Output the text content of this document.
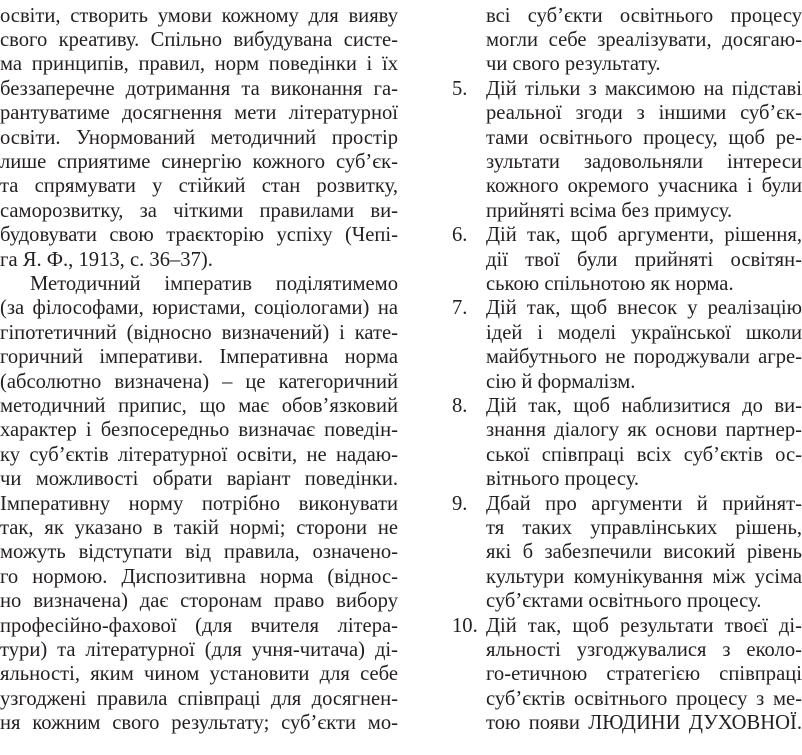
освіти, створить умови кожному для вияву
свого креативу. Спільно вибудувана систе-
ма принципів, правил, норм поведінки і їх
беззаперечне дотримання та виконання га-
рантуватиме досягнення мети літературної
освіти. Унормований методичний простір
лише сприятиме синергію кожного суб’єк-
та спрямувати у стійкий стан розвитку,
саморозвитку, за чіткими правилами ви-
будовувати свою траєкторію успіху (Чепі-
га Я. Ф., 1913, с. 36–37).
Методичний імператив поділятимемо
(за філософами, юристами, соціологами) на
гіпотетичний (відносно визначений) і кате-
горичний імперативи. Імперативна норма
(абсолютно визначена) – це категоричний
методичний припис, що має обов’язковий
характер і безпосередньо визначає поведін-
ку суб’єктів літературної освіти, не надаю-
чи можливості обрати варіант поведінки.
Імперативну норму потрібно виконувати
так, як указано в такій нормі; сторони не
можуть відступати від правила, означено-
го нормою. Диспозитивна норма (віднос-
но визначена) дає сторонам право вибору
професійно-фахової (для вчителя літера-
тури) та літературної (для учня-читача) ді-
яльності, яким чином установити для себе
узгоджені правила співпраці для досягнен-
ня кожним свого результату; суб’єкти мо-
всі суб’єкти освітнього процесу
могли себе зреалізувати, досягаю-
чи свого результату.
5. Дій тільки з максимою на підставі
реальної згоди з іншими суб’єк-
тами освітнього процесу, щоб ре-
зультати задовольняли інтереси
кожного окремого учасника і були
прийняті всіма без примусу.
6. Дій так, щоб аргументи, рішення,
дії твої були прийняті освітян-
ською спільнотою як норма.
7. Дій так, щоб внесок у реалізацію
ідей і моделі української школи
майбутнього не породжували агре-
сію й формалізм.
8. Дій так, щоб наблизитися до ви-
знання діалогу як основи партнер-
ської співпраці всіх суб’єктів ос-
вітнього процесу.
9. Дбай про аргументи й прийнят-
тя таких управлінських рішень,
які б забезпечили високий рівень
культури комунікування між усіма
суб’єктами освітнього процесу.
10. Дій так, щоб результати твоєї ді-
яльності узгоджувалися з еколо-
го-етичною стратегією співпраці
суб’єктів освітнього процесу з ме-
тою появи ЛЮДИНИ ДУХОВНОЇ.
